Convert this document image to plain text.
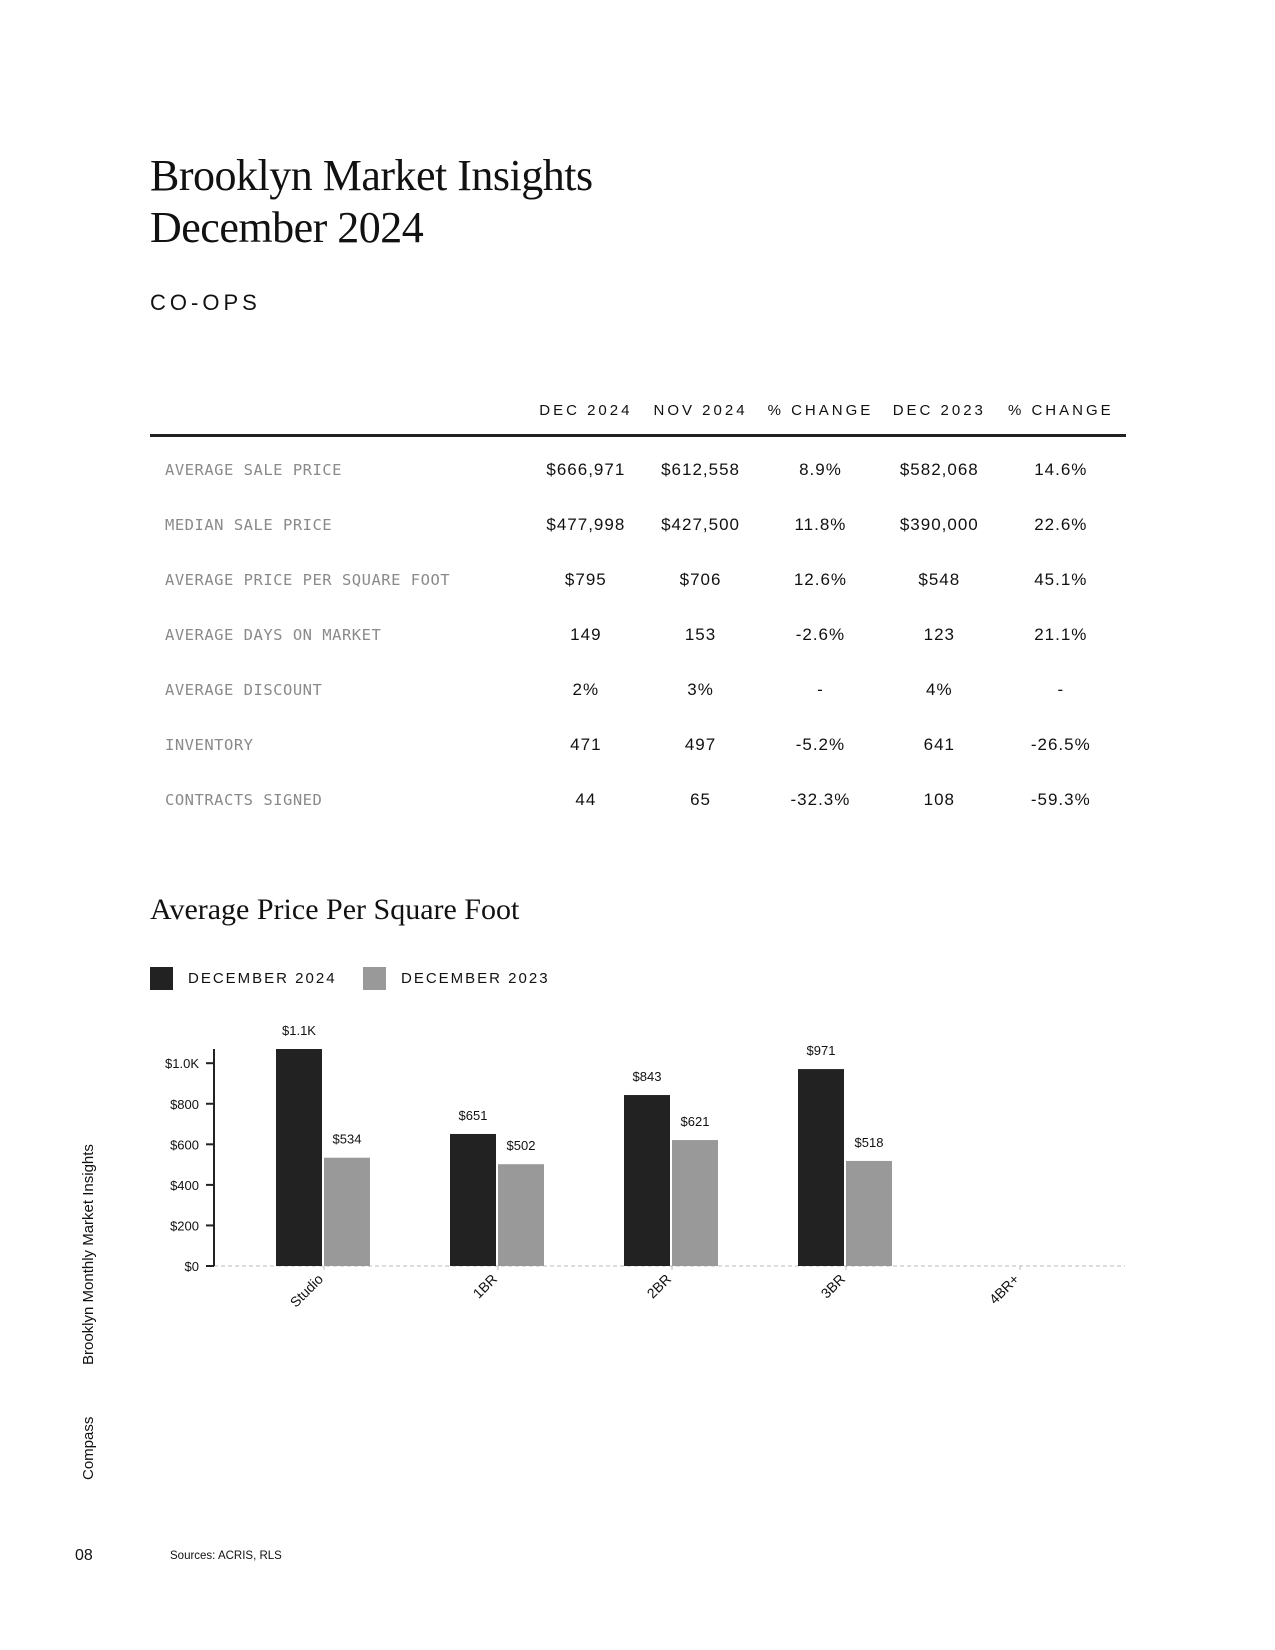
Brooklyn Market Insights
December 2024
CO-OPS
	DEC 2024	NOV 2024	% CHANGE	DEC 2023	% CHANGE
AVERAGE SALE PRICE	$666,971	$612,558	8.9%	$582,068	14.6%
MEDIAN SALE PRICE	$477,998	$427,500	11.8%	$390,000	22.6%
AVERAGE PRICE PER SQUARE FOOT	$795	$706	12.6%	$548	45.1%
AVERAGE DAYS ON MARKET	149	153	-2.6%	123	21.1%
AVERAGE DISCOUNT	2%	3%	-	4%	-
INVENTORY	471	497	-5.2%	641	-26.5%
CONTRACTS SIGNED	44	65	-32.3%	108	-59.3%
Average Price Per Square Foot
DECEMBER 2024	DECEMBER 2023
$0
$200
$400
$600
$800
$1.0K
$1.1K
$534
Studio
$651
$502
1BR
$843
$621
2BR
$971
$518
3BR	4BR+
Compass
Brooklyn Monthly Market Insights
08	Sources: ACRIS, RLS
